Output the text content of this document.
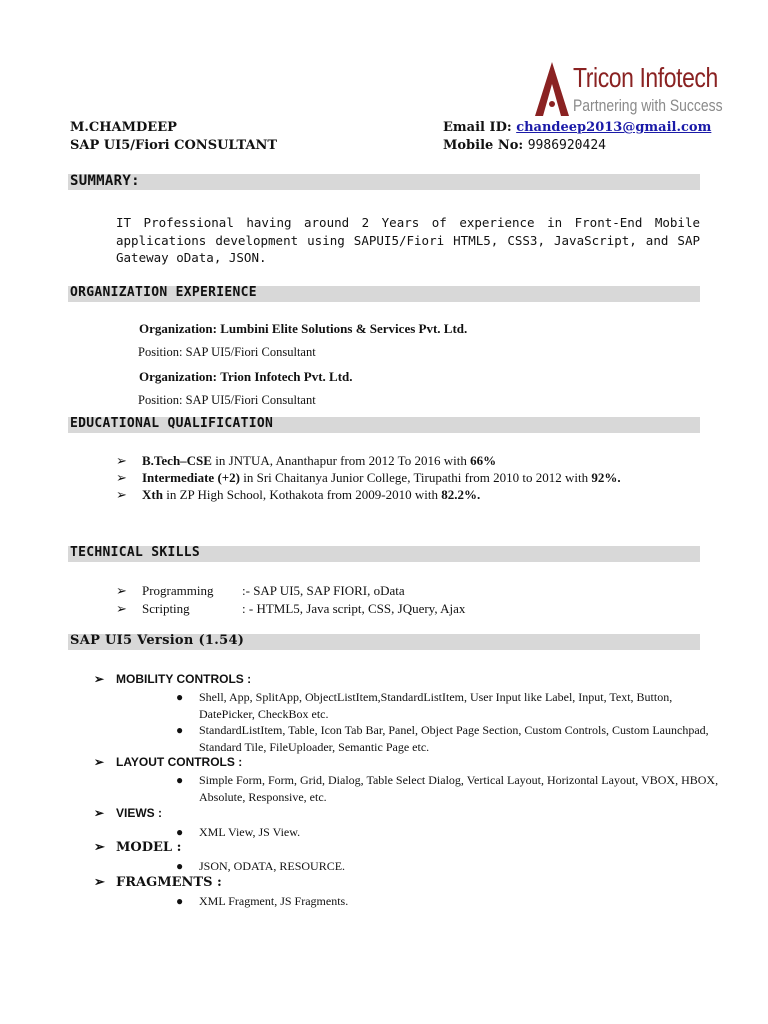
Tricon Infotech
Partnering with Success
M.CHAMDEEP
SAP UI5/Fiori CONSULTANT
Email ID: chandeep2013@gmail.com
Mobile No: 9986920424
SUMMARY:
IT Professional having around 2 Years of experience in Front-End Mobile applications development using SAPUI5/Fiori HTML5, CSS3, JavaScript, and SAP Gateway oData, JSON.
ORGANIZATION EXPERIENCE
Organization: Lumbini Elite Solutions & Services Pvt. Ltd.
Position: SAP UI5/Fiori Consultant
Organization: Trion Infotech Pvt. Ltd.
Position: SAP UI5/Fiori Consultant
EDUCATIONAL QUALIFICATION
➢ B.Tech–CSE in JNTUA, Ananthapur from 2012 To 2016 with 66%
➢ Intermediate (+2) in Sri Chaitanya Junior College, Tirupathi from 2010 to 2012 with 92%.
➢ Xth in ZP High School, Kothakota from 2009-2010 with 82.2%.
TECHNICAL SKILLS
➢ Programming :- SAP UI5, SAP FIORI, oData
➢ Scripting	: - HTML5, Java script, CSS, JQuery, Ajax
SAP UI5 Version (1.54)
➢ MOBILITY CONTROLS :
● Shell, App, SplitApp, ObjectListItem,StandardListItem, User Input like Label, Input, Text, Button, DatePicker, CheckBox etc.
● StandardListItem, Table, Icon Tab Bar, Panel, Object Page Section, Custom Controls, Custom Launchpad, Standard Tile, FileUploader, Semantic Page etc.
➢ LAYOUT CONTROLS :
● Simple Form, Form, Grid, Dialog, Table Select Dialog, Vertical Layout, Horizontal Layout, VBOX, HBOX, Absolute, Responsive, etc.
➢ VIEWS :
● XML View, JS View.
➢ MODEL :
● JSON, ODATA, RESOURCE.
➢ FRAGMENTS :
● XML Fragment, JS Fragments.
